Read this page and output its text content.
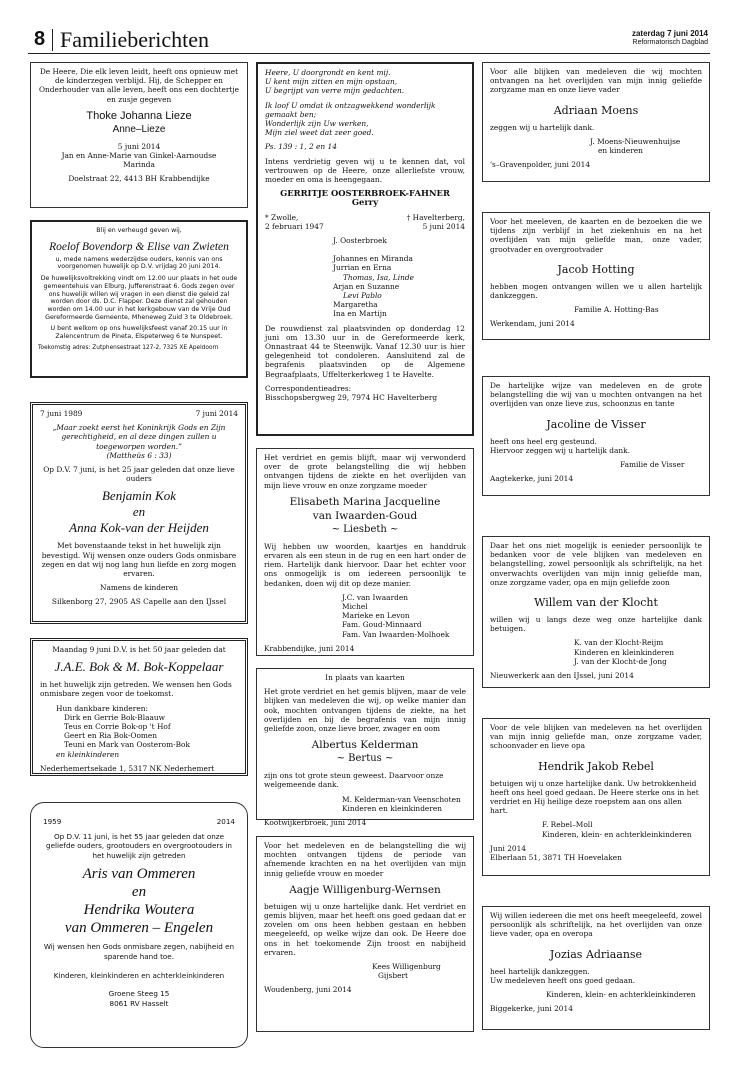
8 Familieberichten	zaterdag 7 juni 2014
Reformatorisch Dagblad
De Heere, Die elk leven leidt, heeft ons opnieuw met de kinderzegen verblijd. Hij, de Schepper en Onderhouder van alle leven, heeft ons een dochtertje en zusje gegeven
Thoke Johanna Lieze
Anne–Lieze
5 juni 2014
Jan en Anne-Marie van Ginkel-Aarnoudse
Marinda
Doelstraat 22, 4413 BH Krabbendijke
Blij en verheugd geven wij,
Roelof Bovendorp & Elise van Zwieten
u, mede namens wederzijdse ouders, kennis van ons voorgenomen huwelijk op D.V. vrijdag 20 juni 2014.
De huwelijksvoltrekking vindt om 12.00 uur plaats in het oude gemeentehuis van Elburg, Jufferenstraat 6. Gods zegen over ons huwelijk willen wij vragen in een dienst die geleid zal worden door ds. D.C. Flapper. Deze dienst zal gehouden worden om 14.00 uur in het kerkgebouw van de Vrije Oud Gereformeerde Gemeente, Mheneweg Zuid 3 te Oldebroek.
U bent welkom op ons huwelijksfeest vanaf 20.15 uur in Zalencentrum de Pineta, Elspeterweg 6 te Nunspeet.
Toekomstig adres: Zutphensestraat 127-2, 7325 XE Apeldoorn
7 juni 1989	7 juni 2014
„Maar zoekt eerst het Koninkrijk Gods en Zijn gerechtigheid, en al deze dingen zullen u toegeworpen worden.”
(Mattheüs 6 : 33)
Op D.V. 7 juni, is het 25 jaar geleden dat onze lieve ouders
Benjamin Kok
en
Anna Kok-van der Heijden
Met bovenstaande tekst in het huwelijk zijn bevestigd. Wij wensen onze ouders Gods onmisbare zegen en dat wij nog lang hun liefde en zorg mogen ervaren.
Namens de kinderen
Silkenborg 27, 2905 AS Capelle aan den IJssel
Maandag 9 juni D.V. is het 50 jaar geleden dat
J.A.E. Bok & M. Bok-Koppelaar
in het huwelijk zijn getreden. We wensen hen Gods onmisbare zegen voor de toekomst.
Hun dankbare kinderen:
Dirk en Gerrie Bok-Blaauw
Teus en Corrie Bok-op 't Hof
Geert en Ria Bok-Oomen
Teuni en Mark van Oosterom-Bok
en kleinkinderen
Nederhemertsekade 1, 5317 NK Nederhemert
1959	2014
Op D.V. 11 juni, is het 55 jaar geleden dat onze geliefde ouders, grootouders en overgrootouders in het huwelijk zijn getreden
Aris van Ommeren
en
Hendrika Woutera
van Ommeren – Engelen
Wij wensen hen Gods onmisbare zegen, nabijheid en sparende hand toe.
Kinderen, kleinkinderen en achterkleinkinderen
Groene Steeg 15
8061 RV Hasselt
Heere, U doorgrondt en kent mij.
U kent mijn zitten en mijn opstaan,
U begrijpt van verre mijn gedachten.
Ik loof U omdat ik ontzagwekkend wonderlijk gemaakt ben;
Wonderlijk zijn Uw werken,
Mijn ziel weet dat zeer goed.
Ps. 139 : 1, 2 en 14
Intens verdrietig geven wij u te kennen dat, vol vertrouwen op de Heere, onze allerliefste vrouw, moeder en oma is heengegaan.
GERRITJE OOSTERBROEK-FAHNER
Gerry
* Zwolle,	† Havelterberg,
2 februari 1947	5 juni 2014
J. Oosterbroek
Johannes en Miranda
Jurrian en Erna
Thomas, Isa, Linde
Arjan en Suzanne
Levi Pablo
Margaretha
Ina en Martijn
De rouwdienst zal plaatsvinden op donderdag 12 juni om 13.30 uur in de Gereformeerde kerk, Onnastraat 44 te Steenwijk. Vanaf 12.30 uur is hier gelegenheid tot condoleren. Aansluitend zal de begrafenis plaatsvinden op de Algemene Begraafplaats, Uffelterkerkweg 1 te Havelte.
Correspondentieadres:
Bisschopsbergweg 29, 7974 HC Havelterberg
Het verdriet en gemis blijft, maar wij verwonderd over de grote belangstelling die wij hebben ontvangen tijdens de ziekte en het overlijden van mijn lieve vrouw en onze zorgzame moeder
Elisabeth Marina Jacqueline
van Iwaarden-Goud
~ Liesbeth ~
Wij hebben uw woorden, kaartjes en handdruk ervaren als een steun in de rug en een hart onder de riem. Hartelijk dank hiervoor. Daar het echter voor ons onmogelijk is om iedereen persoonlijk te bedanken, doen wij dit op deze manier.
J.C. van Iwaarden
Michel
Marieke en Levon
Fam. Goud-Minnaard
Fam. Van Iwaarden-Molhoek
Krabbendijke, juni 2014
In plaats van kaarten
Het grote verdriet en het gemis blijven, maar de vele blijken van medeleven die wij, op welke manier dan ook, mochten ontvangen tijdens de ziekte, na het overlijden en bij de begrafenis van mijn innig geliefde zoon, onze lieve broer, zwager en oom
Albertus Kelderman
~ Bertus ~
zijn ons tot grote steun geweest. Daarvoor onze welgemeende dank.
M. Kelderman-van Veenschoten
Kinderen en kleinkinderen
Kootwijkerbroek, juni 2014
Voor het medeleven en de belangstelling die wij mochten ontvangen tijdens de periode van afnemende krachten en na het overlijden van mijn innig geliefde vrouw en moeder
Aagje Willigenburg-Wernsen
betuigen wij u onze hartelijke dank. Het verdriet en gemis blijven, maar het heeft ons goed gedaan dat er zovelen om ons heen hebben gestaan en hebben meegeleefd, op welke wijze dan ook. De Heere doe ons in het toekomende Zijn troost en nabijheid ervaren.
Kees Willigenburg
Gijsbert
Woudenberg, juni 2014
Voor alle blijken van medeleven die wij mochten ontvangen na het overlijden van mijn innig geliefde zorgzame man en onze lieve vader
Adriaan Moens
zeggen wij u hartelijk dank.
J. Moens-Nieuwenhuijse
en kinderen
's–Gravenpolder, juni 2014
Voor het meeleven, de kaarten en de bezoeken die we tijdens zijn verblijf in het ziekenhuis en na het overlijden van mijn geliefde man, onze vader, grootvader en overgrootvader
Jacob Hotting
hebben mogen ontvangen willen we u allen hartelijk dankzeggen.
Familie A. Hotting-Bas
Werkendam, juni 2014
De hartelijke wijze van medeleven en de grote belangstelling die wij van u mochten ontvangen na het overlijden van onze lieve zus, schoonzus en tante
Jacoline de Visser
heeft ons heel erg gesteund.
Hiervoor zeggen wij u hartelijk dank.
Familie de Visser
Aagtekerke, juni 2014
Daar het ons niet mogelijk is eenieder persoonlijk te bedanken voor de vele blijken van medeleven en belangstelling, zowel persoonlijk als schriftelijk, na het onverwachts overlijden van mijn innig geliefde man, onze zorgzame vader, opa en mijn geliefde zoon
Willem van der Klocht
willen wij u langs deze weg onze hartelijke dank betuigen.
K. van der Klocht-Reijm
Kinderen en kleinkinderen
J. van der Klocht-de Jong
Nieuwerkerk aan den IJssel, juni 2014
Voor de vele blijken van medeleven na het overlijden van mijn innig geliefde man, onze zorgzame vader, schoonvader en lieve opa
Hendrik Jakob Rebel
betuigen wij u onze hartelijke dank. Uw betrokkenheid heeft ons heel goed gedaan. De Heere sterke ons in het verdriet en Hij heilige deze roepstem aan ons allen hart.
F. Rebel–Moll
Kinderen, klein- en achterkleinkinderen
Juni 2014
Elberlaan 51, 3871 TH Hoevelaken
Wij willen iedereen die met ons heeft meegeleefd, zowel persoonlijk als schriftelijk, na het overlijden van onze lieve vader, opa en overopa
Jozias Adriaanse
heel hartelijk dankzeggen.
Uw medeleven heeft ons goed gedaan.
Kinderen, klein- en achterkleinkinderen
Biggekerke, juni 2014
